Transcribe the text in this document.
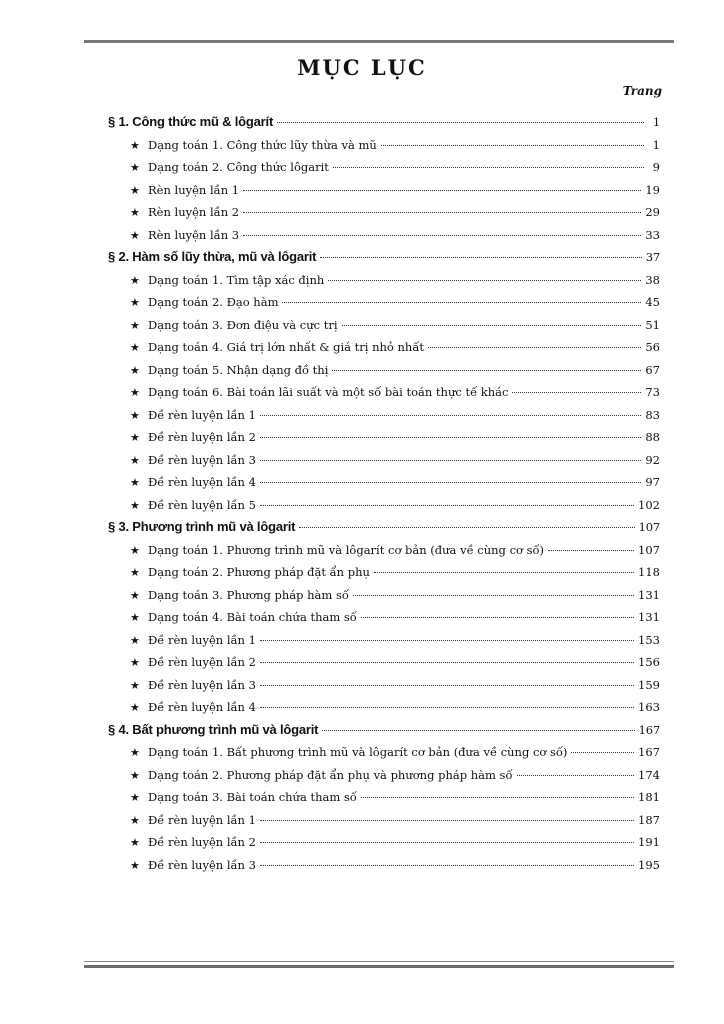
MỤC LỤC
Trang
§ 1. Công thức mũ & lôgarít	1
★ Dạng toán 1. Công thức lũy thừa và mũ	1
★ Dạng toán 2. Công thức lôgarit	9
★ Rèn luyện lần 1	19
★ Rèn luyện lần 2	29
★ Rèn luyện lần 3	33
§ 2. Hàm số lũy thừa, mũ và lôgarit	37
★ Dạng toán 1. Tìm tập xác định	38
★ Dạng toán 2. Đạo hàm	45
★ Dạng toán 3. Đơn điệu và cực trị	51
★ Dạng toán 4. Giá trị lớn nhất & giá trị nhỏ nhất	56
★ Dạng toán 5. Nhận dạng đồ thị	67
★ Dạng toán 6. Bài toán lãi suất và một số bài toán thực tế khác	73
★ Đề rèn luyện lần 1	83
★ Đề rèn luyện lần 2	88
★ Đề rèn luyện lần 3	92
★ Đề rèn luyện lần 4	97
★ Đề rèn luyện lần 5	102
§ 3. Phương trình mũ và lôgarit	107
★ Dạng toán 1. Phương trình mũ và lôgarít cơ bản (đưa về cùng cơ số)	107
★ Dạng toán 2. Phương pháp đặt ẩn phụ	118
★ Dạng toán 3. Phương pháp hàm số	131
★ Dạng toán 4. Bài toán chứa tham số	131
★ Đề rèn luyện lần 1	153
★ Đề rèn luyện lần 2	156
★ Đề rèn luyện lần 3	159
★ Đề rèn luyện lần 4	163
§ 4. Bất phương trình mũ và lôgarit	167
★ Dạng toán 1. Bất phương trình mũ và lôgarít cơ bản (đưa về cùng cơ số)	167
★ Dạng toán 2. Phương pháp đặt ẩn phụ và phương pháp hàm số	174
★ Dạng toán 3. Bài toán chứa tham số	181
★ Đề rèn luyện lần 1	187
★ Đề rèn luyện lần 2	191
★ Đề rèn luyện lần 3	195
